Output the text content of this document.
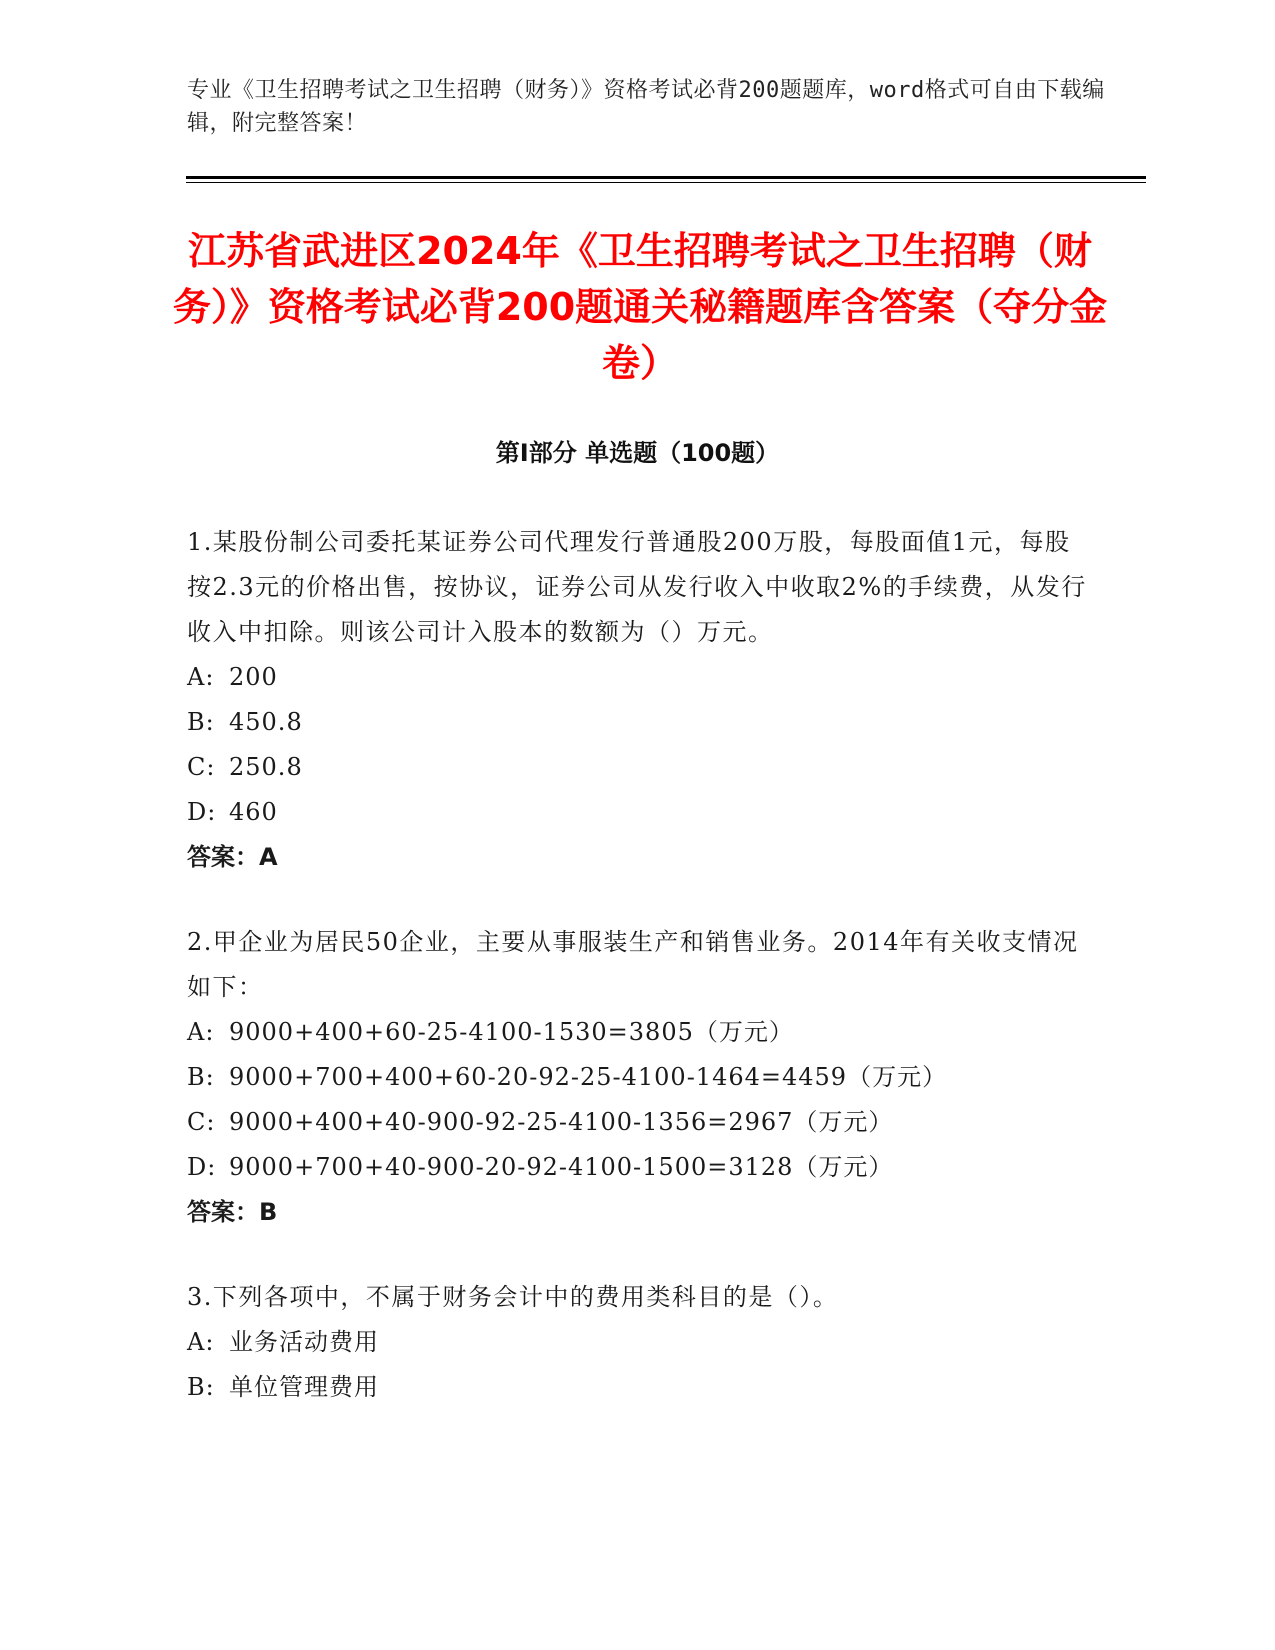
专业《卫生招聘考试之卫生招聘（财务）》资格考试必背200题题库，word格式可自由下载编辑，附完整答案！
江苏省武进区2024年《卫生招聘考试之卫生招聘（财务）》资格考试必背200题通关秘籍题库含答案（夺分金卷）
第Ⅰ部分 单选题（100题）
1.某股份制公司委托某证券公司代理发行普通股200万股，每股面值1元，每股按2.3元的价格出售，按协议，证券公司从发行收入中收取2%的手续费，从发行收入中扣除。则该公司计入股本的数额为（）万元。
A: 200
B: 450.8
C: 250.8
D: 460
答案：A
2.甲企业为居民50企业，主要从事服装生产和销售业务。2014年有关收支情况如下：
A: 9000+400+60-25-4100-1530=3805（万元）
B: 9000+700+400+60-20-92-25-4100-1464=4459（万元）
C: 9000+400+40-900-92-25-4100-1356=2967（万元）
D: 9000+700+40-900-20-92-4100-1500=3128（万元）
答案：B
3.下列各项中，不属于财务会计中的费用类科目的是（）。
A: 业务活动费用
B: 单位管理费用
